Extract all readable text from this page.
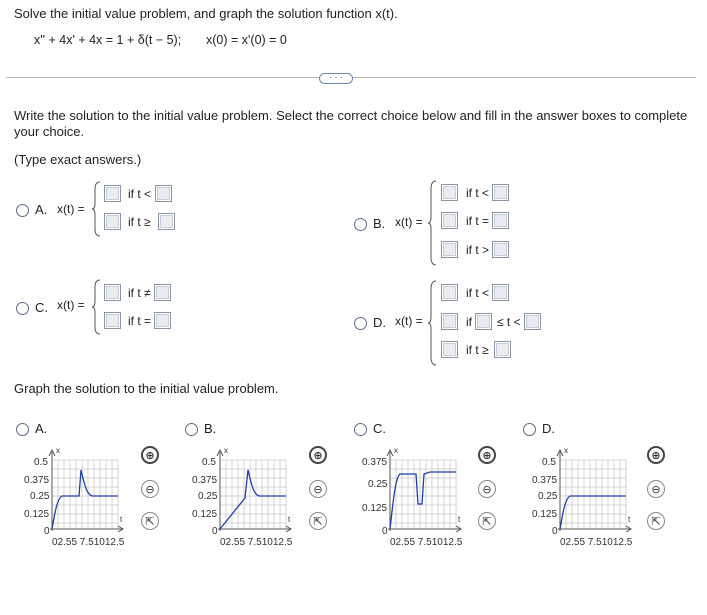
Solve the initial value problem, and graph the solution function x(t).
x'' + 4x' + 4x = 1 + δ(t − 5); x(0) = x'(0) = 0
· · ·
Write the solution to the initial value problem. Select the correct choice below and fill in the answer boxes to complete your choice.
(Type exact answers.)
A. x(t) =
if t <
if t ≥	B. x(t) =
if t <
if t =
if t >
C. x(t) =
if t ≠
if t =	D. x(t) =
if t <
if ≤ t <
if t ≥
Graph the solution to the initial value problem.
A.	B.	C.	D.
x
t
0.5
0.375
0.25
0.125
0
02.55 7.51012.5
⊕
⊖
⇱
x
t
0.5
0.375
0.25
0.125
0
02.55 7.51012.5
⊕
⊖
⇱
x
t
0.375
0.25
0.125
0
02.55 7.51012.5
⊕
⊖
⇱
x
t
0.5
0.375
0.25
0.125
0
02.55 7.51012.5
⊕
⊖
⇱
